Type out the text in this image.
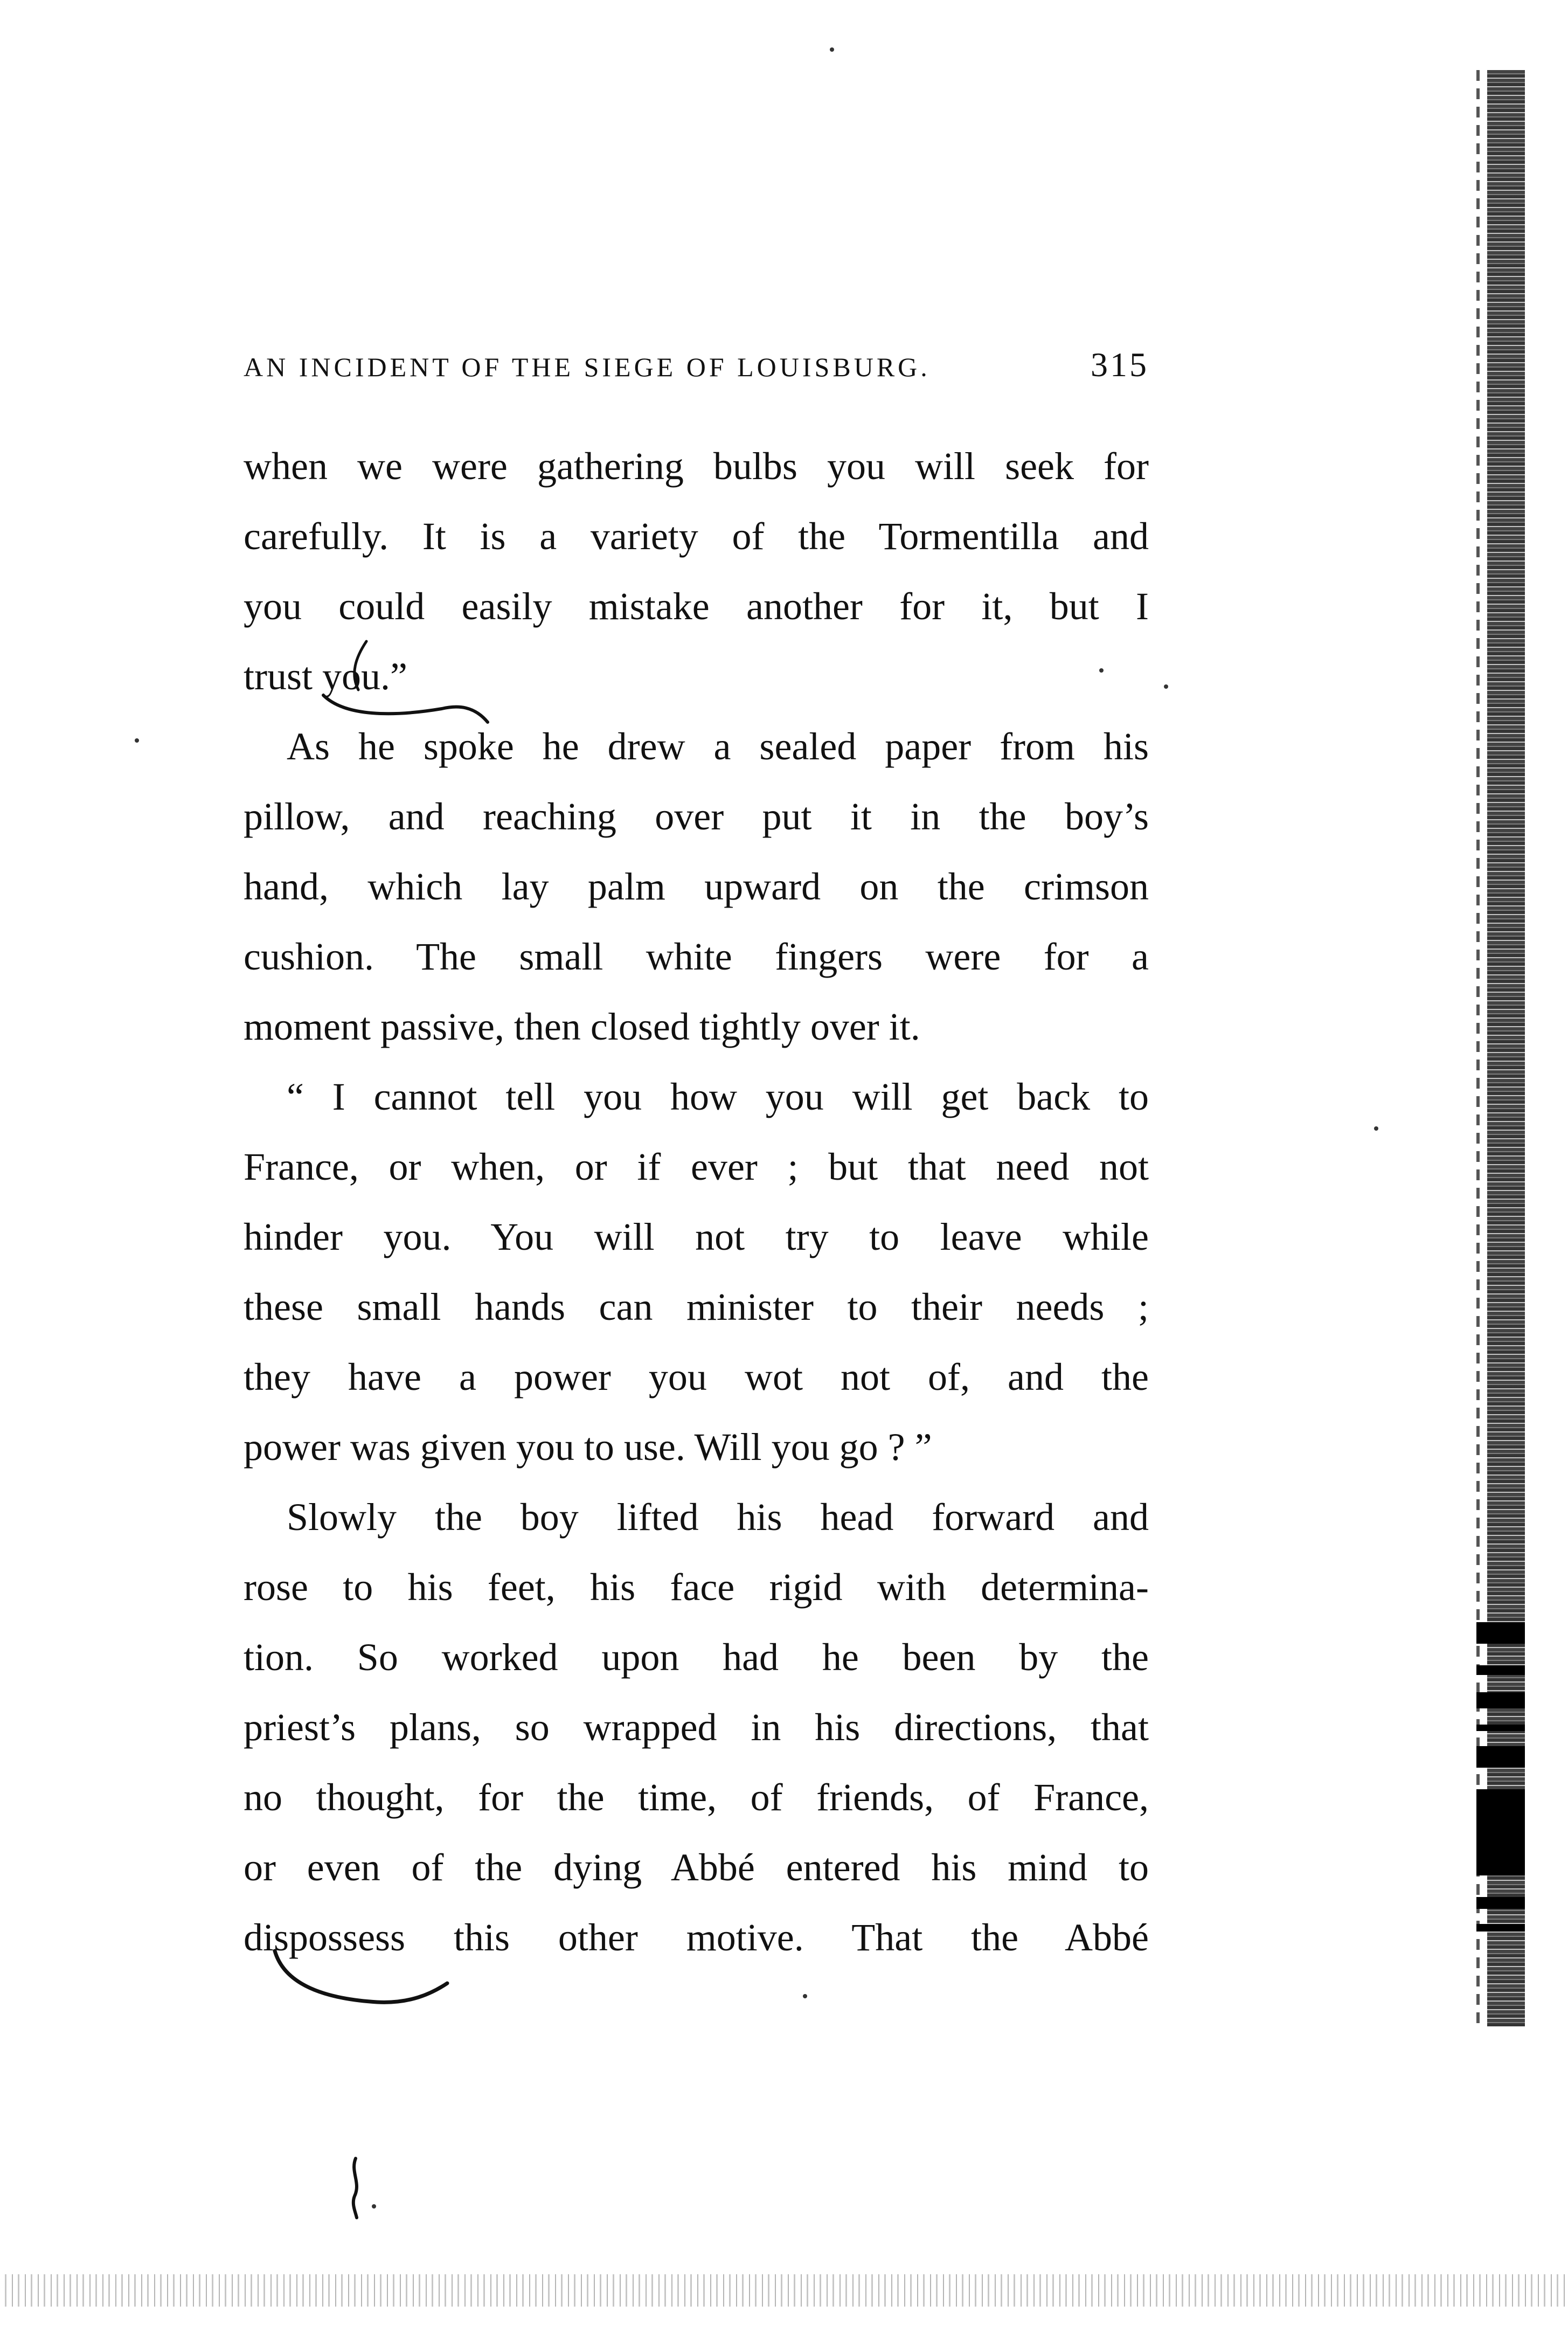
AN INCIDENT OF THE SIEGE OF LOUISBURG.	315
when we were gathering bulbs you will seek for
carefully. It is a variety of the Tormentilla and
you could easily mistake another for it, but I
trust you.”
As he spoke he drew a sealed paper from his
pillow, and reaching over put it in the boy’s
hand, which lay palm upward on the crimson
cushion. The small white fingers were for a
moment passive, then closed tightly over it.
“ I cannot tell you how you will get back to
France, or when, or if ever ; but that need not
hinder you. You will not try to leave while
these small hands can minister to their needs ;
they have a power you wot not of, and the
power was given you to use. Will you go ? ”
Slowly the boy lifted his head forward and
rose to his feet, his face rigid with determina-
tion. So worked upon had he been by the
priest’s plans, so wrapped in his directions, that
no thought, for the time, of friends, of France,
or even of the dying Abbé entered his mind to
dispossess this other motive. That the Abbé
